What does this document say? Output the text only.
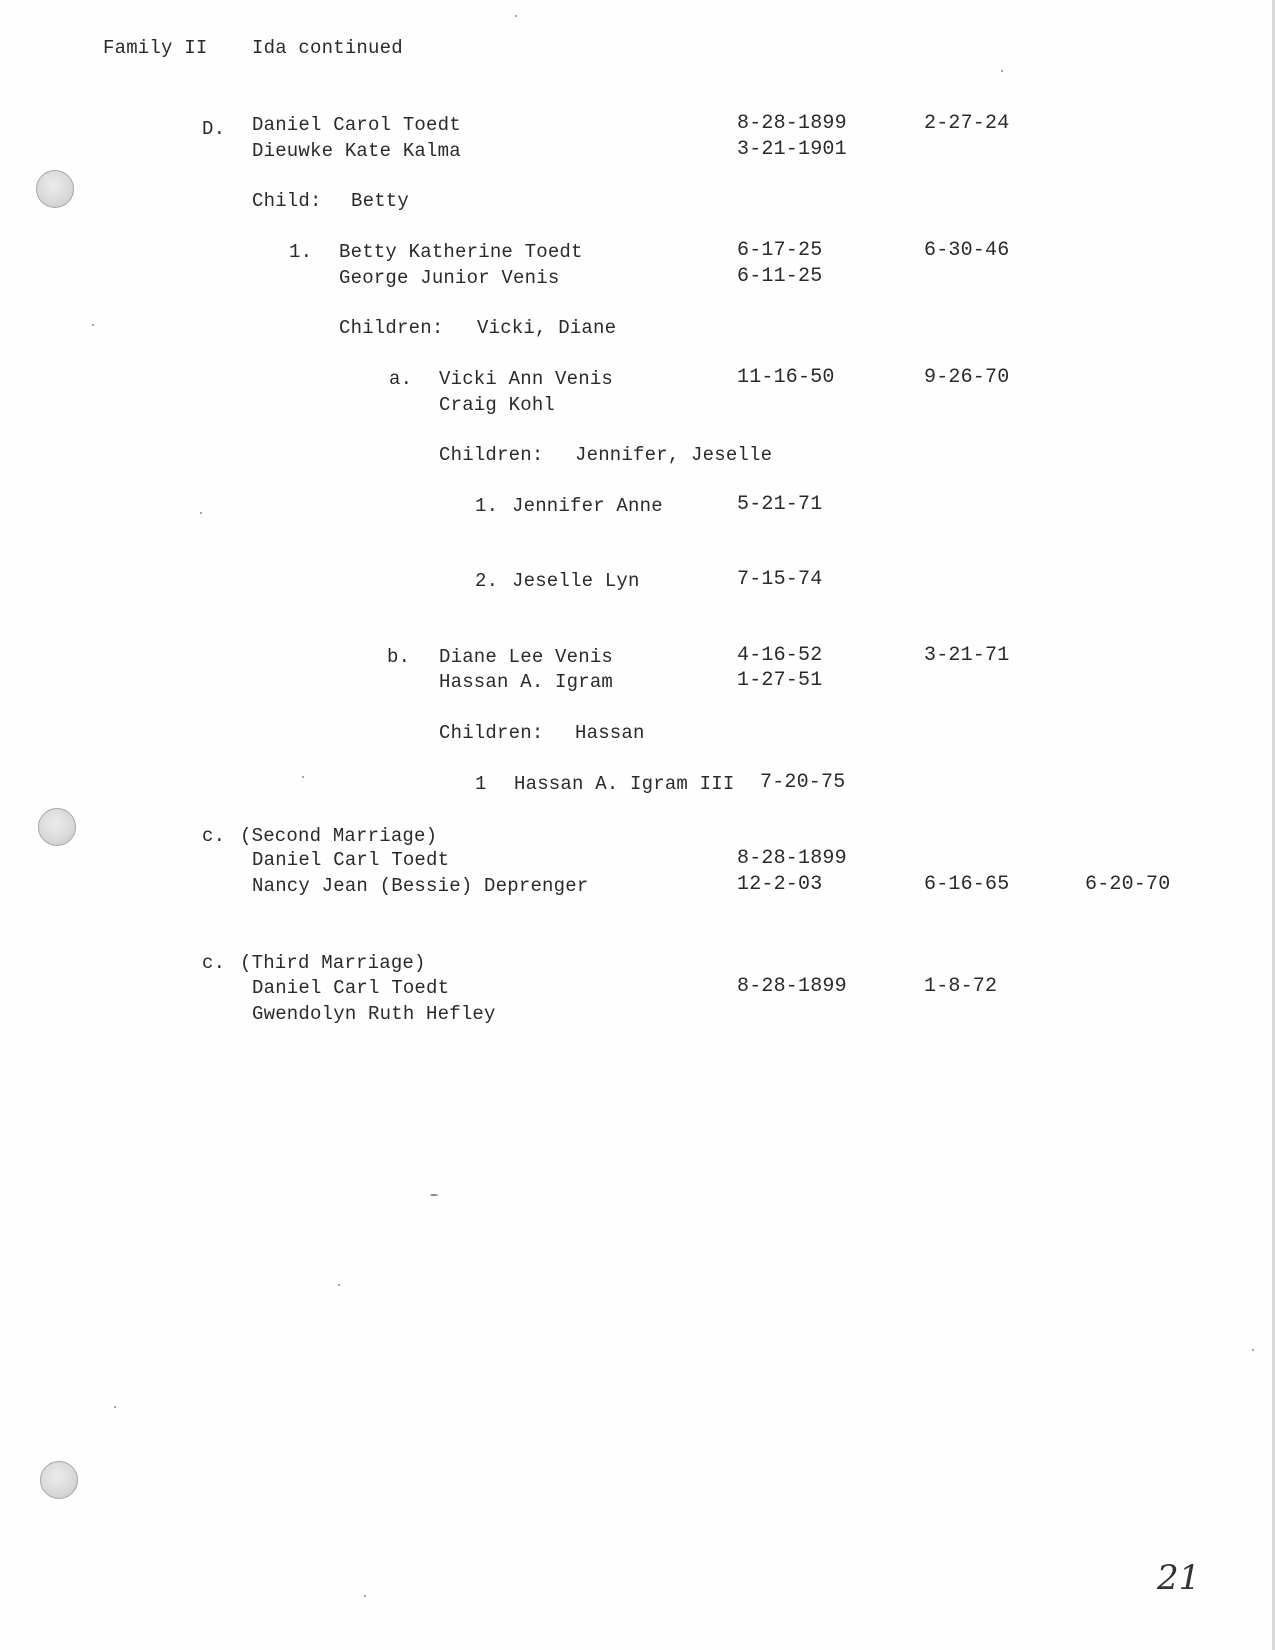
Family II Ida continued
D. Daniel Carol Toedt	8-28-1899	2-27-24
Dieuwke Kate Kalma	3-21-1901
Child: Betty
1. Betty Katherine Toedt	6-17-25	6-30-46
George Junior Venis	6-11-25
Children: Vicki, Diane
a. Vicki Ann Venis	11-16-50	9-26-70
Craig Kohl
Children: Jennifer, Jeselle
1. Jennifer Anne	5-21-71
2. Jeselle Lyn	7-15-74
b. Diane Lee Venis	4-16-52	3-21-71
Hassan A. Igram	1-27-51
Children: Hassan
1 Hassan A. Igram III 7-20-75
c. (Second Marriage)
Daniel Carl Toedt	8-28-1899
Nancy Jean (Bessie) Deprenger	12-2-03	6-16-65	6-20-70
c. (Third Marriage)
Daniel Carl Toedt	8-28-1899	1-8-72
Gwendolyn Ruth Hefley
21
